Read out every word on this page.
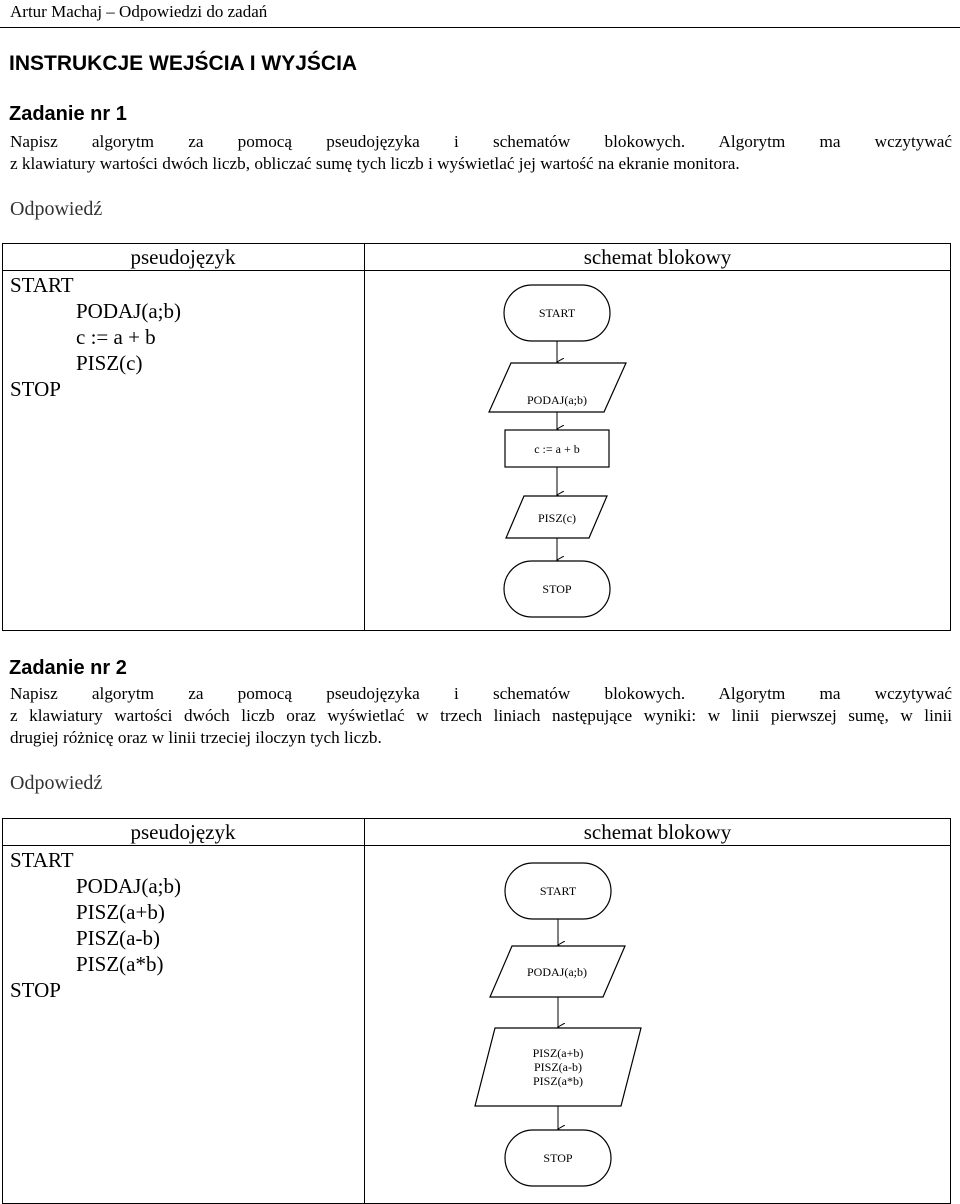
Artur Machaj – Odpowiedzi do zadań
INSTRUKCJE WEJŚCIA I WYJŚCIA
Zadanie nr 1
Napisz algorytm za pomocą pseudojęzyka i schematów blokowych. Algorytm ma wczytywać
z klawiatury wartości dwóch liczb, obliczać sumę tych liczb i wyświetlać jej wartość na ekranie monitora.
Odpowiedź
pseudojęzyk	schemat blokowy
START
PODAJ(a;b)
c := a + b
PISZ(c)
STOP
START
PODAJ(a;b)
c := a + b
PISZ(c)
STOP
START
PODAJ(a;b)
PISZ(a+b)
PISZ(a-b)
PISZ(a*b)
STOP
Zadanie nr 2
Napisz algorytm za pomocą pseudojęzyka i schematów blokowych. Algorytm ma wczytywać
z klawiatury wartości dwóch liczb oraz wyświetlać w trzech liniach następujące wyniki: w linii pierwszej sumę, w linii
drugiej różnicę oraz w linii trzeciej iloczyn tych liczb.
Odpowiedź
pseudojęzyk	schemat blokowy
START
PODAJ(a;b)
PISZ(a+b)
PISZ(a-b)
PISZ(a*b)
STOP
